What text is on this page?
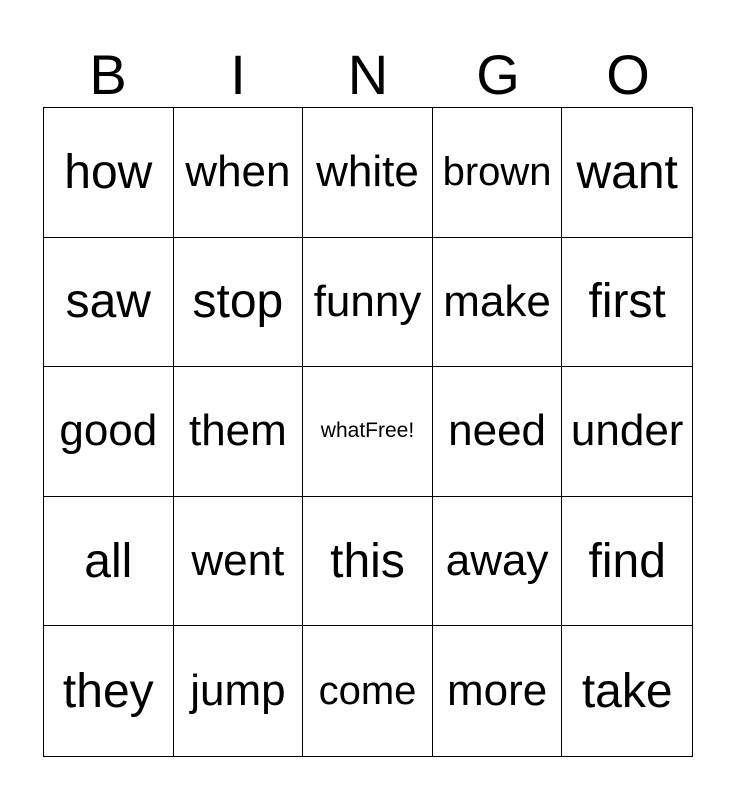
B	I	N	G	O
how when white brown want
saw stop funny make first
good them	whatFree! need under
all	went this away find
they jump come more take
